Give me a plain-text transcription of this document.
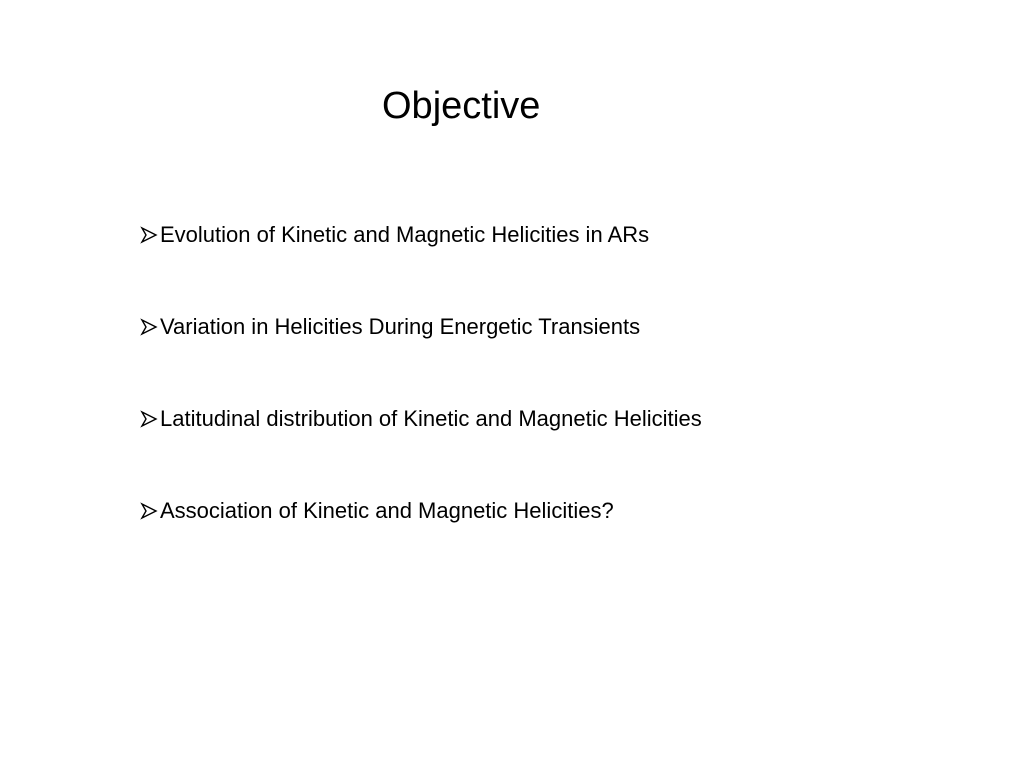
Objective
Evolution of Kinetic and Magnetic Helicities in ARs
Variation in Helicities During Energetic Transients
Latitudinal distribution of Kinetic and Magnetic Helicities
Association of Kinetic and Magnetic Helicities?
